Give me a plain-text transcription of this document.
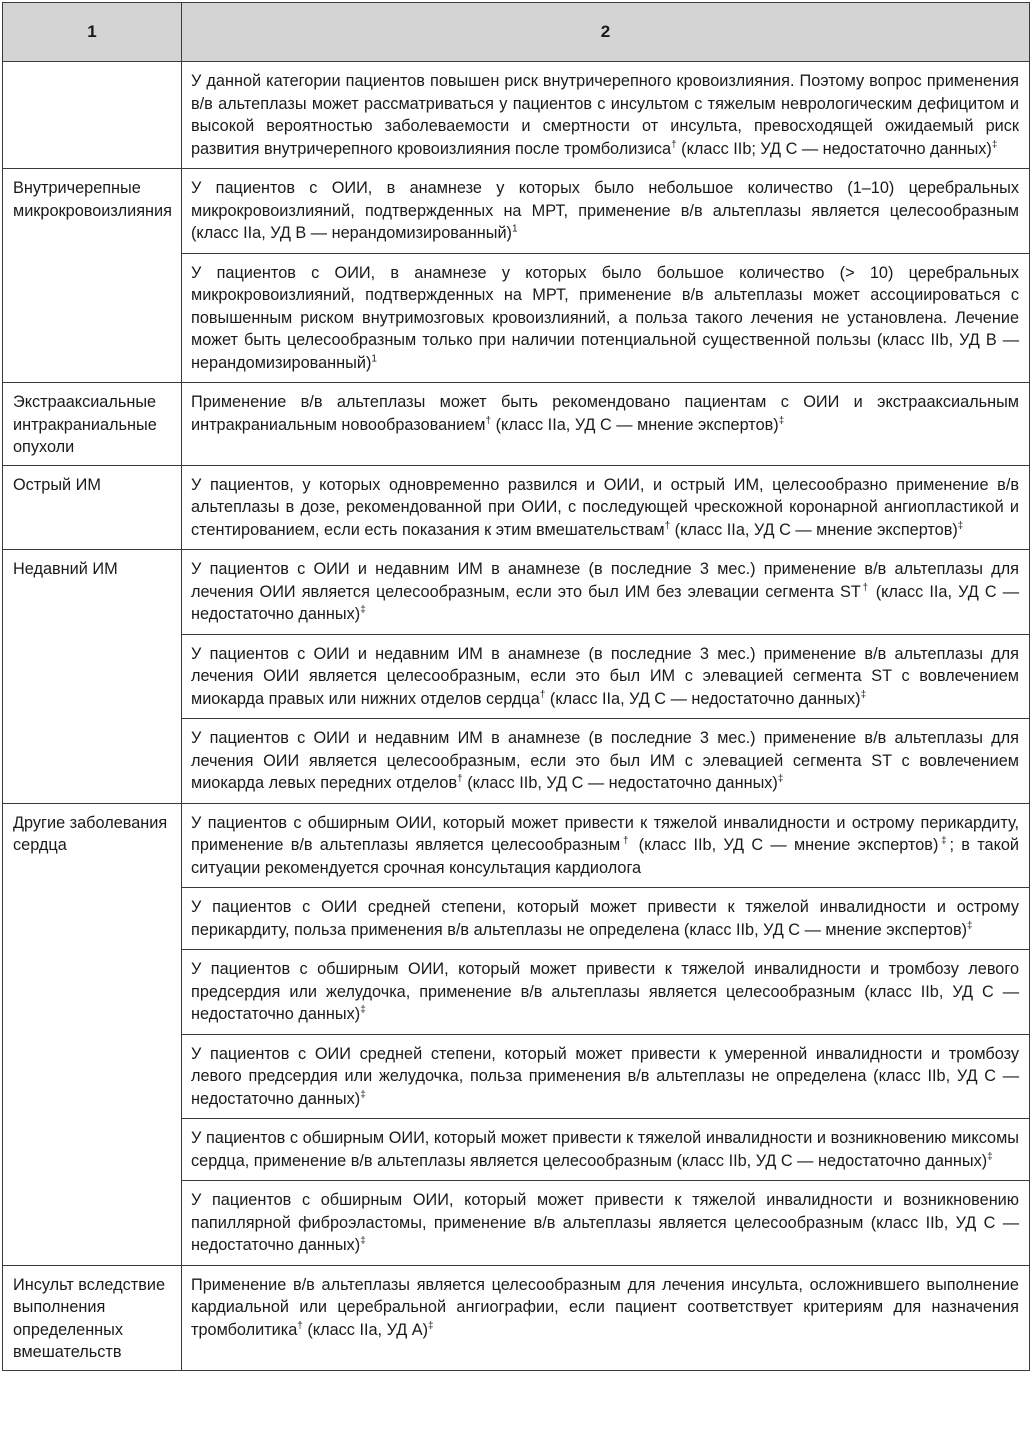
1	2
	У данной категории пациентов повышен риск внутричерепного кровоизлияния. Поэтому вопрос применения в/в альтеплазы может рассматриваться у пациентов с инсультом с тяжелым неврологическим дефицитом и высокой вероятностью заболеваемости и смертности от инсульта, превосходящей ожидаемый риск развития внутричерепного кровоизлияния после тромболизиса† (класс IIb; УД C — недостаточно данных)‡
Внутричерепные микрокровоизлияния	У пациентов с ОИИ, в анамнезе у которых было небольшое количество (1–10) церебральных микрокровоизлияний, подтвержденных на МРТ, применение в/в альтеплазы является целесообразным (класс IIa, УД B — нерандомизированный)$^1$
	У пациентов с ОИИ, в анамнезе у которых было большое количество (> 10) церебральных микрокровоизлияний, подтвержденных на МРТ, применение в/в альтеплазы может ассоциироваться с повышенным риском внутримозговых кровоизлияний, а польза такого лечения не установлена. Лечение может быть целесообразным только при наличии потенциальной существенной пользы (класс IIb, УД B — нерандомизированный)$^1$
Экстрааксиальные интракраниальные опухоли	Применение в/в альтеплазы может быть рекомендовано пациентам с ОИИ и экстрааксиальным интракраниальным новообразованием† (класс IIa, УД C — мнение экспертов)‡
Острый ИМ	У пациентов, у которых одновременно развился и ОИИ, и острый ИМ, целесообразно применение в/в альтеплазы в дозе, рекомендованной при ОИИ, с последующей чрескожной коронарной ангиопластикой и стентированием, если есть показания к этим вмешательствам† (класс IIa, УД C — мнение экспертов)‡
Недавний ИМ	У пациентов с ОИИ и недавним ИМ в анамнезе (в последние 3 мес.) применение в/в альтеплазы для лечения ОИИ является целесообразным, если это был ИМ без элевации сегмента ST† (класс IIa, УД C — недостаточно данных)‡
	У пациентов с ОИИ и недавним ИМ в анамнезе (в последние 3 мес.) применение в/в альтеплазы для лечения ОИИ является целесообразным, если это был ИМ с элевацией сегмента ST с вовлечением миокарда правых или нижних отделов сердца† (класс IIa, УД C — недостаточно данных)‡
	У пациентов с ОИИ и недавним ИМ в анамнезе (в последние 3 мес.) применение в/в альтеплазы для лечения ОИИ является целесообразным, если это был ИМ с элевацией сегмента ST с вовлечением миокарда левых передних отделов† (класс IIb, УД C — недостаточно данных)‡
Другие заболевания сердца	У пациентов с обширным ОИИ, который может привести к тяжелой инвалидности и острому перикардиту, применение в/в альтеплазы является целесообразным† (класс IIb, УД C — мнение экспертов)‡; в такой ситуации рекомендуется срочная консультация кардиолога
	У пациентов с ОИИ средней степени, который может привести к тяжелой инвалидности и острому перикардиту, польза применения в/в альтеплазы не определена (класс IIb, УД C — мнение экспертов)‡
	У пациентов с обширным ОИИ, который может привести к тяжелой инвалидности и тромбозу левого предсердия или желудочка, применение в/в альтеплазы является целесообразным (класс IIb, УД C — недостаточно данных)‡
	У пациентов с ОИИ средней степени, который может привести к умеренной инвалидности и тромбозу левого предсердия или желудочка, польза применения в/в альтеплазы не определена (класс IIb, УД C — недостаточно данных)‡
	У пациентов с обширным ОИИ, который может привести к тяжелой инвалидности и возникновению миксомы сердца, применение в/в альтеплазы является целесообразным (класс IIb, УД C — недостаточно данных)‡
	У пациентов с обширным ОИИ, который может привести к тяжелой инвалидности и возникновению папиллярной фиброэластомы, применение в/в альтеплазы является целесообразным (класс IIb, УД C — недостаточно данных)‡
Инсульт вследствие выполнения определенных вмешательств	Применение в/в альтеплазы является целесообразным для лечения инсульта, осложнившего выполнение кардиальной или церебральной ангиографии, если пациент соответствует критериям для назначения тромболитика† (класс IIa, УД A)‡
